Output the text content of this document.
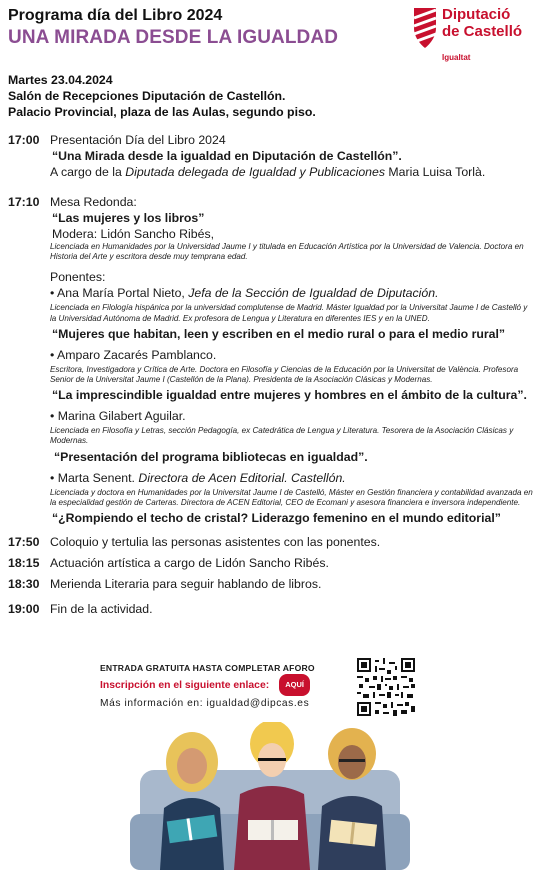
Programa día del Libro 2024
UNA MIRADA DESDE LA IGUALDAD
Diputació
de Castelló
Igualtat
Martes 23.04.2024
Salón de Recepciones Diputación de Castellón.
Palacio Provincial, plaza de las Aulas, segundo piso.
17:00 Presentación Día del Libro 2024
“Una Mirada desde la igualdad en Diputación de Castellón”.
A cargo de la Diputada delegada de Igualdad y Publicaciones Maria Luisa Torlà.
17:10 Mesa Redonda:
“Las mujeres y los libros”
Modera: Lidón Sancho Ribés,
Licenciada en Humanidades por la Universidad Jaume I y titulada en Educación Artística por la Universidad de Valencia. Doctora en Historia del Arte y escritora desde muy temprana edad.
Ponentes:
• Ana María Portal Nieto, Jefa de la Sección de Igualdad de Diputación.
Licenciada en Filología hispánica por la universidad complutense de Madrid. Máster Igualdad por la Universitat Jaume I de Castelló y la Universidad Autónoma de Madrid. Ex profesora de Lengua y Literatura en diferentes IES y en la UNED.
“Mujeres que habitan, leen y escriben en el medio rural o para el medio rural”
• Amparo Zacarés Pamblanco.
Escritora, Investigadora y Crítica de Arte. Doctora en Filosofía y Ciencias de la Educación por la Universitat de València. Profesora Senior de la Universitat Jaume I (Castellón de la Plana). Presidenta de la Asociación Clásicas y Modernas.
“La imprescindible igualdad entre mujeres y hombres en el ámbito de la cultura”.
• Marina Gilabert Aguilar.
Licenciada en Filosofía y Letras, sección Pedagogía, ex Catedrática de Lengua y Literatura. Tesorera de la Asociación Clásicas y Modernas.
“Presentación del programa bibliotecas en igualdad”.
• Marta Senent. Directora de Acen Editorial. Castellón.
Licenciada y doctora en Humanidades por la Universitat Jaume I de Castelló, Máster en Gestión financiera y contabilidad avanzada en la especialidad gestión de Carteras. Directora de ACEN Editorial, CEO de Ecomani y asesora financiera e inversora independiente.
“¿Rompiendo el techo de cristal? Liderazgo femenino en el mundo editorial”
17:50 Coloquio y tertulia las personas asistentes con las ponentes.
18:15 Actuación artística a cargo de Lidón Sancho Ribés.
18:30 Merienda Literaria para seguir hablando de libros.
19:00 Fin de la actividad.
ENTRADA GRATUITA HASTA COMPLETAR AFORO
Inscripción en el siguiente enlace: AQUÍ
Más información en: igualdad@dipcas.es
